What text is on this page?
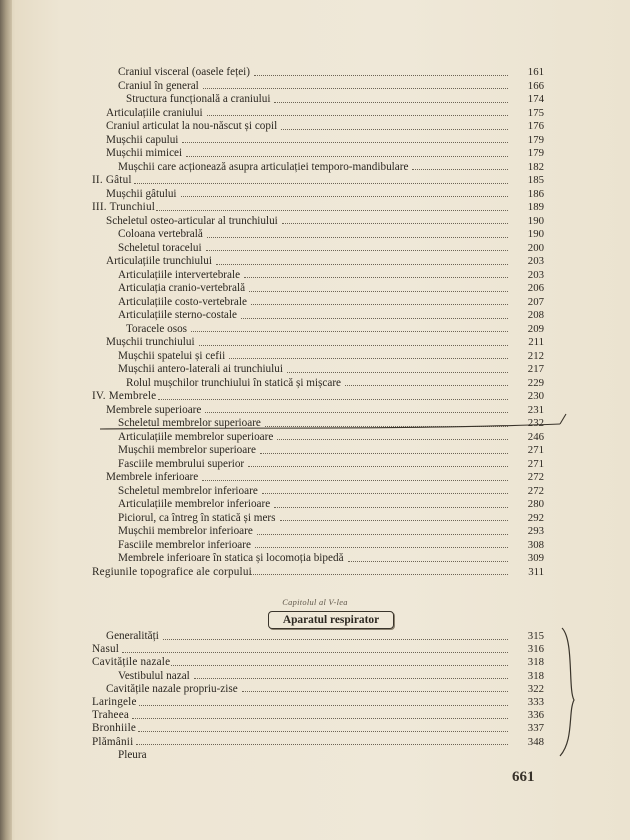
Craniul visceral (oasele feței)	161
Craniul în general	166
Structura funcțională a craniului	174
Articulațiile craniului	175
Craniul articulat la nou-născut și copil	176
Mușchii capului	179
Mușchii mimicei	179
Mușchii care acționează asupra articulației temporo-mandibulare	182
II. Gâtul	185
Mușchii gâtului	186
III. Trunchiul	189
Scheletul osteo-articular al trunchiului	190
Coloana vertebrală	190
Scheletul toracelui	200
Articulațiile trunchiului	203
Articulațiile intervertebrale	203
Articulația cranio-vertebrală	206
Articulațiile costo-vertebrale	207
Articulațiile sterno-costale	208
Toracele osos	209
Mușchii trunchiului	211
Mușchii spatelui și cefii	212
Mușchii antero-laterali ai trunchiului	217
Rolul mușchilor trunchiului în statică și mișcare	229
IV. Membrele	230
Membrele superioare	231
Scheletul membrelor superioare	232
Articulațiile membrelor superioare	246
Mușchii membrelor superioare	271
Fasciile membrului superior	271
Membrele inferioare	272
Scheletul membrelor inferioare	272
Articulațiile membrelor inferioare	280
Piciorul, ca întreg în statică și mers	292
Mușchii membrelor inferioare	293
Fasciile membrelor inferioare	308
Membrele inferioare în statica și locomoția bipedă	309
Regiunile topografice ale corpului	311
Capitolul al V-lea
Aparatul respirator
Generalități	315
Nasul	316
Cavitățile nazale	318
Vestibulul nazal	318
Cavitățile nazale propriu-zise	322
Laringele	333
Traheea	336
Bronhiile	337
Plămânii	348
Pleura
661
